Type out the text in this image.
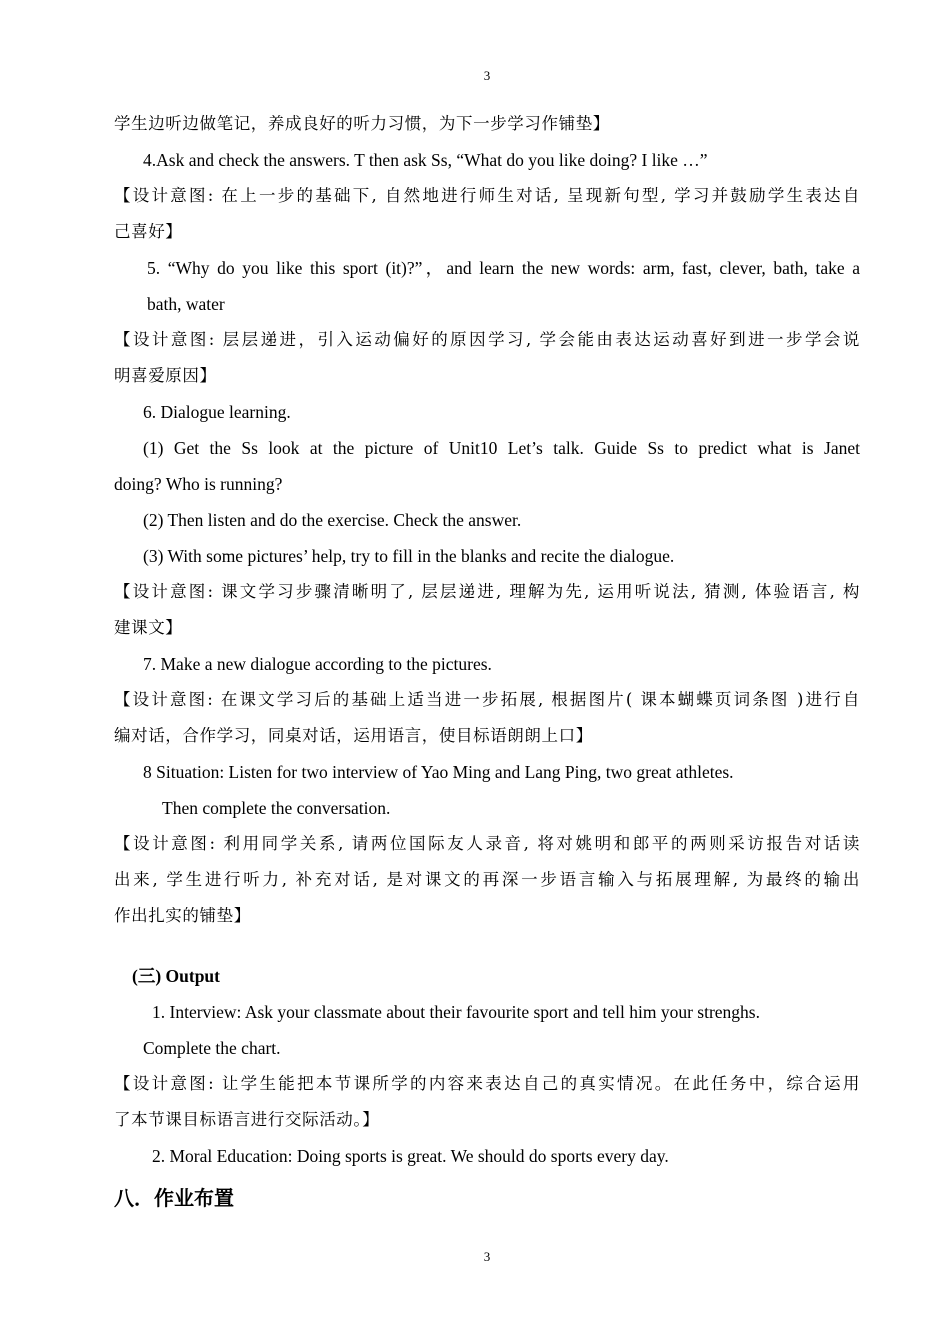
3
学生边听边做笔记，养成良好的听力习惯，为下一步学习作铺垫】
4.Ask and check the answers. T then ask Ss, “What do you like doing? I like …”
【设计意图: 在上一步的基础下, 自然地进行师生对话, 呈现新句型, 学习并鼓励学生表达自
己喜好】
5. “Why do you like this sport (it)?”，and learn the new words: arm, fast, clever, bath, take a
bath, water
【设计意图: 层层递进，引入运动偏好的原因学习, 学会能由表达运动喜好到进一步学会说
明喜爱原因】
6. Dialogue learning.
(1) Get the Ss look at the picture of Unit10 Let’s talk. Guide Ss to predict what is Janet
doing? Who is running?
(2) Then listen and do the exercise. Check the answer.
(3) With some pictures’ help, try to fill in the blanks and recite the dialogue.
【设计意图: 课文学习步骤清晰明了, 层层递进, 理解为先, 运用听说法, 猜测, 体验语言, 构
建课文】
7. Make a new dialogue according to the pictures.
【设计意图: 在课文学习后的基础上适当进一步拓展, 根据图片( 课本蝴蝶页词条图 )进行自
编对话，合作学习，同桌对话，运用语言，使目标语朗朗上口】
8 Situation: Listen for two interview of Yao Ming and Lang Ping, two great athletes.
Then complete the conversation.
【设计意图: 利用同学关系, 请两位国际友人录音, 将对姚明和郎平的两则采访报告对话读
出来, 学生进行听力, 补充对话, 是对课文的再深一步语言输入与拓展理解, 为最终的输出
作出扎实的铺垫】
(三) Output
1. Interview: Ask your classmate about their favourite sport and tell him your strenghs.
Complete the chart.
【设计意图: 让学生能把本节课所学的内容来表达自己的真实情况。在此任务中，综合运用
了本节课目标语言进行交际活动。】
2. Moral Education: Doing sports is great. We should do sports every day.
八．作业布置
3
